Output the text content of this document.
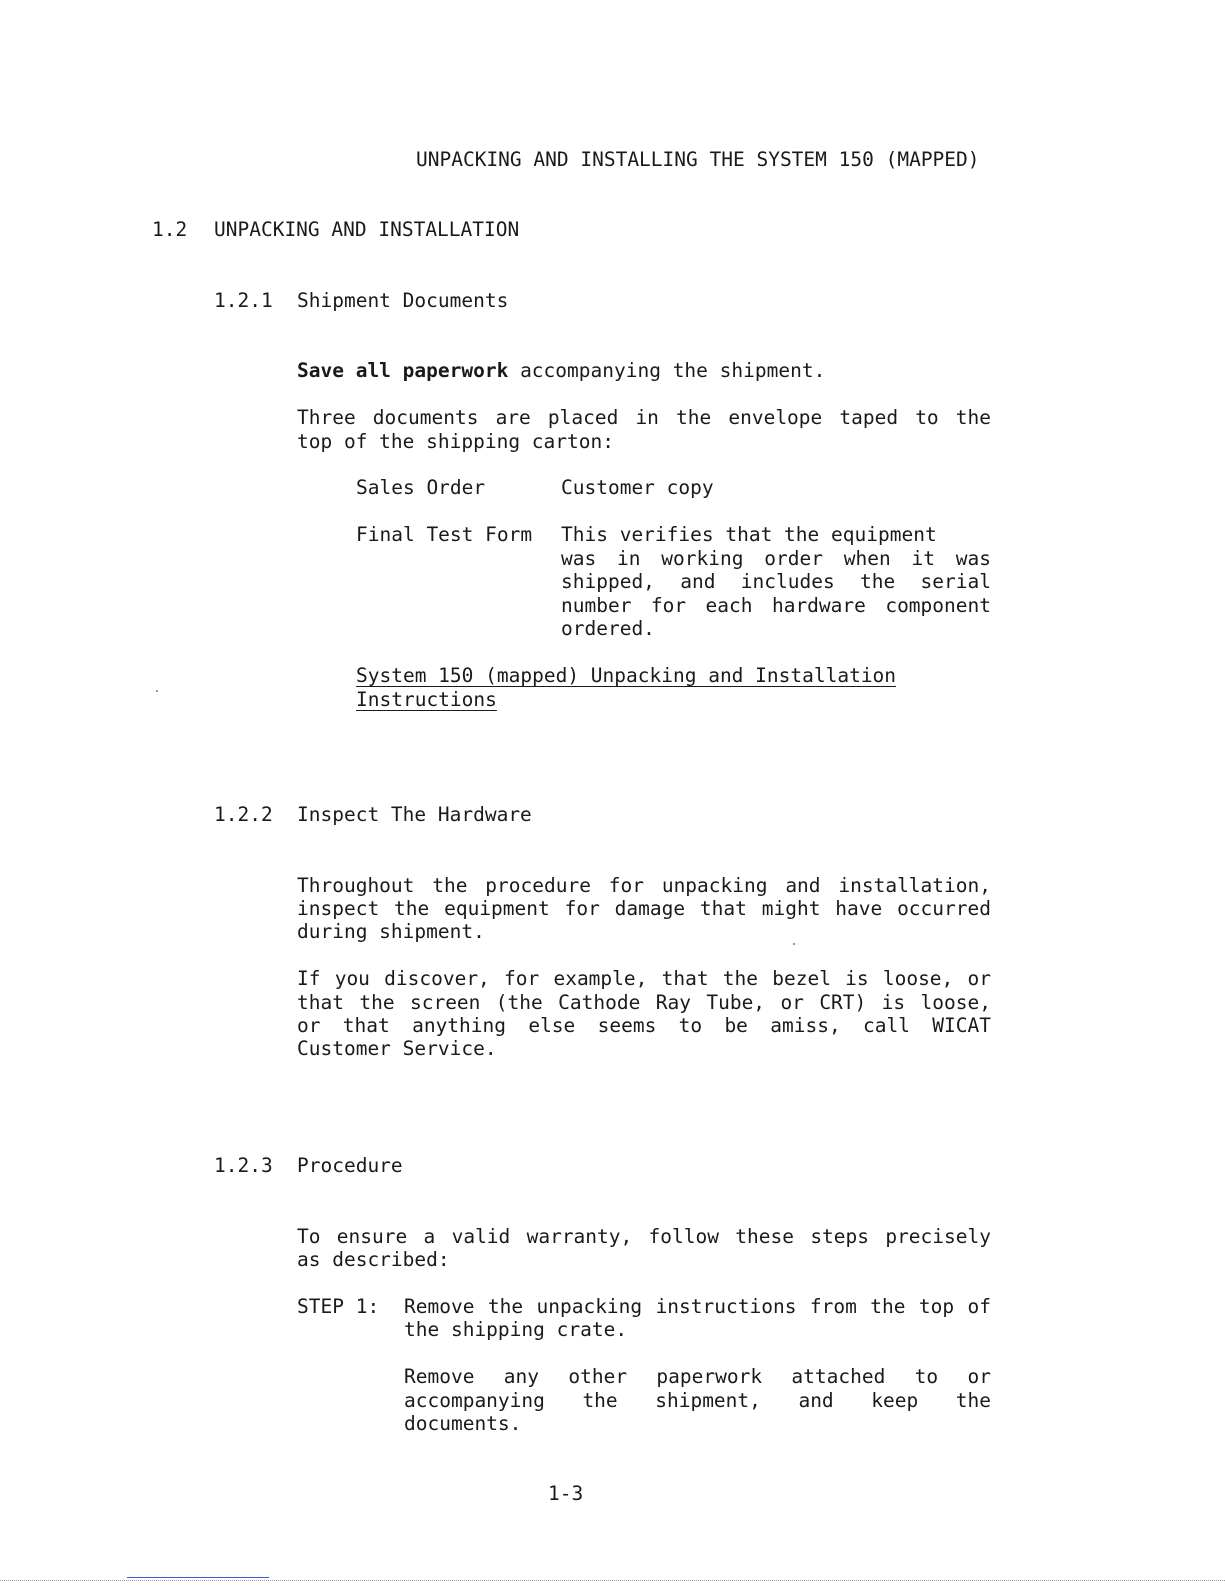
UNPACKING AND INSTALLING THE SYSTEM 150 (MAPPED)
1.2 UNPACKING AND INSTALLATION
1.2.1 Shipment Documents
Save all paperwork accompanying the shipment.
Three documents are placed in the envelope taped to the
top of the shipping carton:
Sales Order	Customer copy
Final Test Form This verifies that the equipment
was in working order when it was
shipped, and includes the serial
number for each hardware component
ordered.
System 150 (mapped) Unpacking and Installation
Instructions
1.2.2 Inspect The Hardware
Throughout the procedure for unpacking and installation,
inspect the equipment for damage that might have occurred
during shipment.
If you discover, for example, that the bezel is loose, or
that the screen (the Cathode Ray Tube, or CRT) is loose,
or that anything else seems to be amiss, call WICAT
Customer Service.
1.2.3 Procedure
To ensure a valid warranty, follow these steps precisely
as described:
STEP 1: Remove the unpacking instructions from the top of
the shipping crate.
Remove any other paperwork attached to or
accompanying the shipment, and keep the
documents.
1-3
